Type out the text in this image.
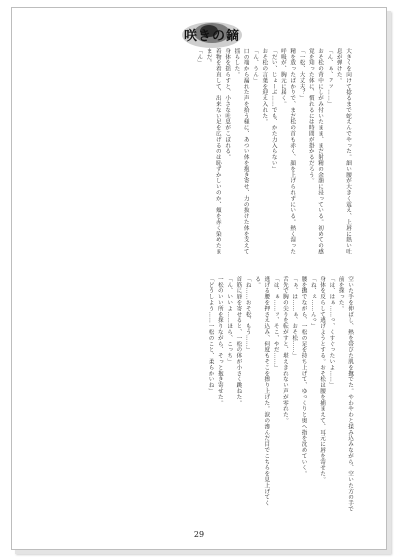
咲きの鏑

大きくを向けて捻るまで蛇えんでやった。細い腰が大きく震え、上唇に熱い吐息が弾けた。

「ん、ぁ、ァッ……」

おそ松の背中にしがみ付いたまま、まだ射精の余韻に浸っている。初めての感覚を知った体に、慣れるには時間が掛かるだろう。

「一松、大丈夫？」

精を放ったばかりで、まだ松の首も赤く、顔を上げられずにいる。熱く湿った呼吸が、胸元に届く。

「だい、じょーぶ……でも、かた力入らない」

おそ松の言葉を迎え入れた。

「ん、うん」

口の端から漏れた声を拾う様に、あつい体を抱き寄せ、力の抜けた体を支えて揺らした。

身体を揺らすと、小さな吐息がこぼれる。

着物を着直して、出来ない足を広げるのは恥ずかしいのか、頬を赤く染めたままだ。

「ん」

空いた手を伸ばし、熱を帯びた肌を撫でた。やわやわと揉み込みながら、空いた方の手で前を探った。

「は、はぁ……っ、くすぐったいよ……」

身体を反らして逃げようとする。おそ松は腰を捕まえて、耳元に唇を寄せた。

「ね、ぇ……んっ」

腰を撫でながら、一松の足を持ち上げて、ゆっくりと奥へ指を沈めていく。

「ぁ、は……ぁ、おそ松……」

舌先で胸の尖りを転がすと、堪えきれない声が零れた。

「は、ぁ……ッ、そこ、やだ……」

逃げる腰を押さえ込み、何度もそこを擦り上げた。涙の滲んだ目でこちらを見上げてくる。

「ね……おそ松、もう……」

首筋に唇を寄せると、一松の体が小さく跳ねた。

「ん、いいよ……ほら、こっち」

一松のいい所を探りながら、そっと抱き寄せた。

「どうしよう……一松のこと、柔らかいね」

29
